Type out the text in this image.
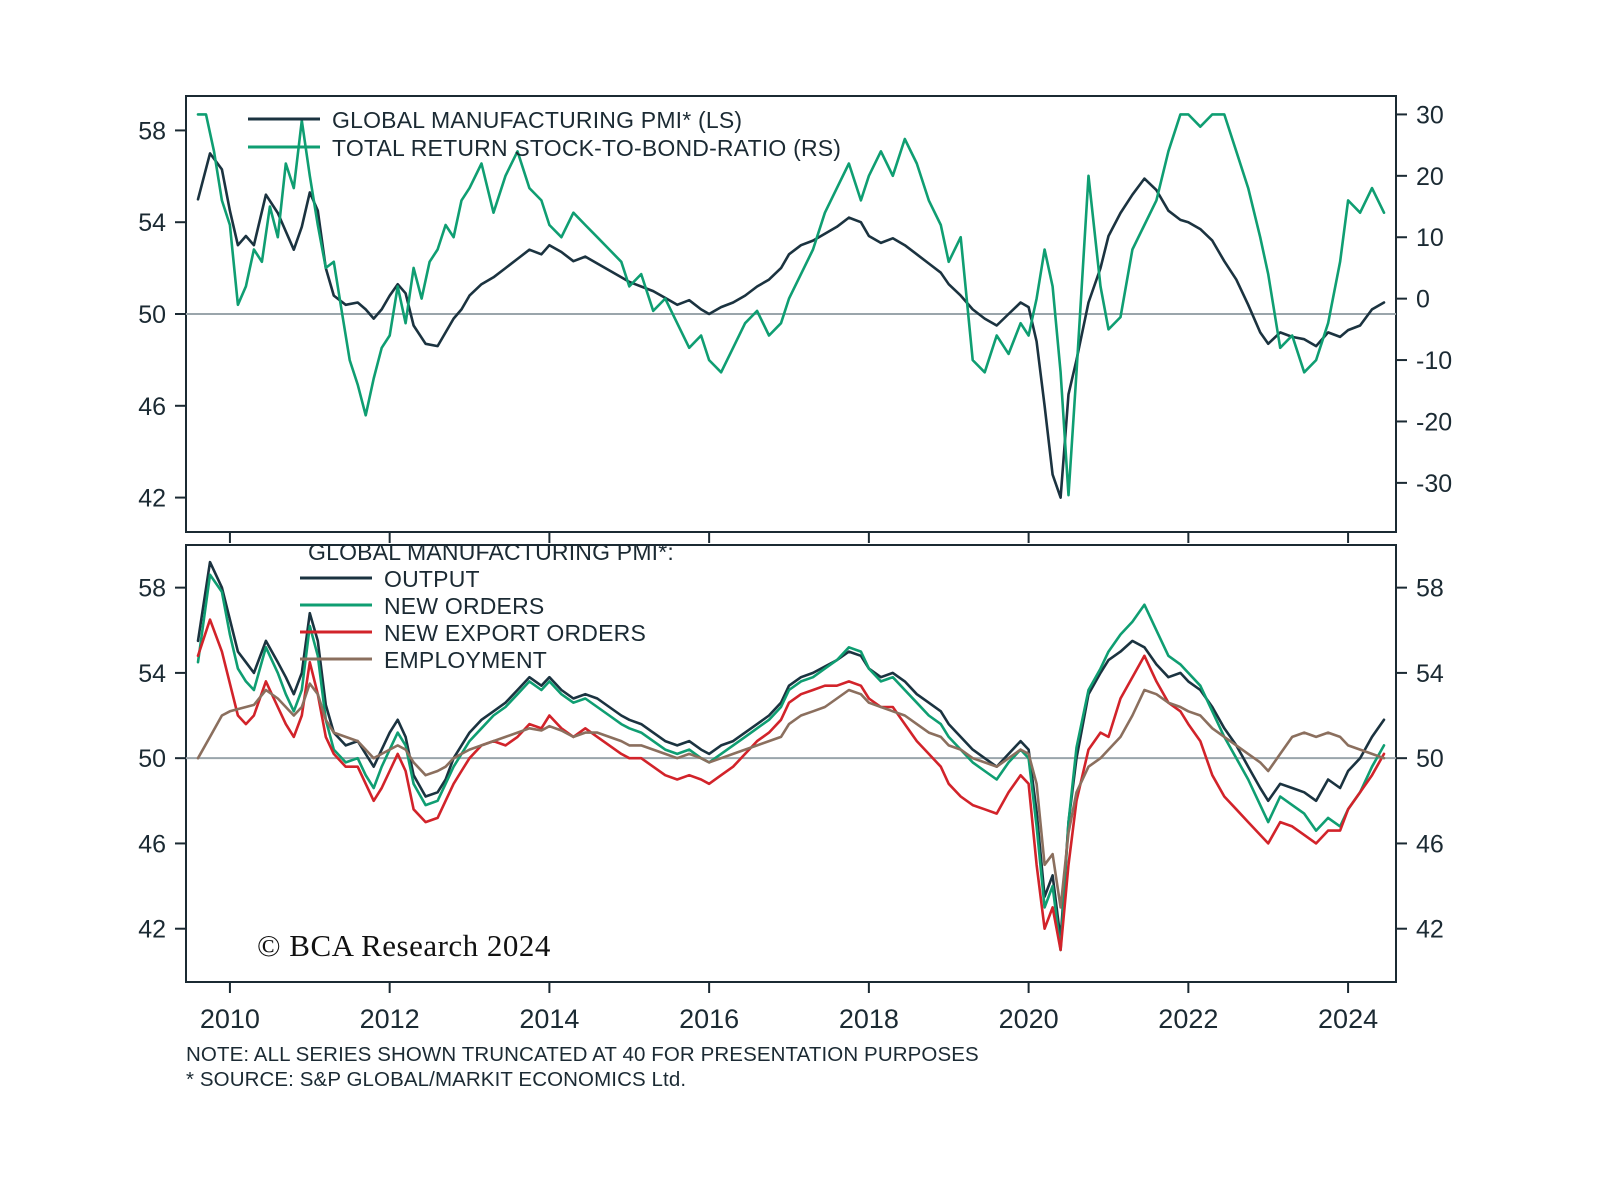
42
46
50
54
58
-30
-20
-10
0
10
20
30
GLOBAL MANUFACTURING PMI* (LS)
TOTAL RETURN STOCK-TO-BOND-RATIO (RS)
42
46
50
54
58
42
46
50
54
58
2010	2012	2014	2016	2018	2020	2022	2024
GLOBAL MANUFACTURING PMI*:
OUTPUT
NEW ORDERS
NEW EXPORT ORDERS
EMPLOYMENT
© BCA Research 2024
NOTE: ALL SERIES SHOWN TRUNCATED AT 40 FOR PRESENTATION PURPOSES
* SOURCE: S&P GLOBAL/MARKIT ECONOMICS Ltd.
